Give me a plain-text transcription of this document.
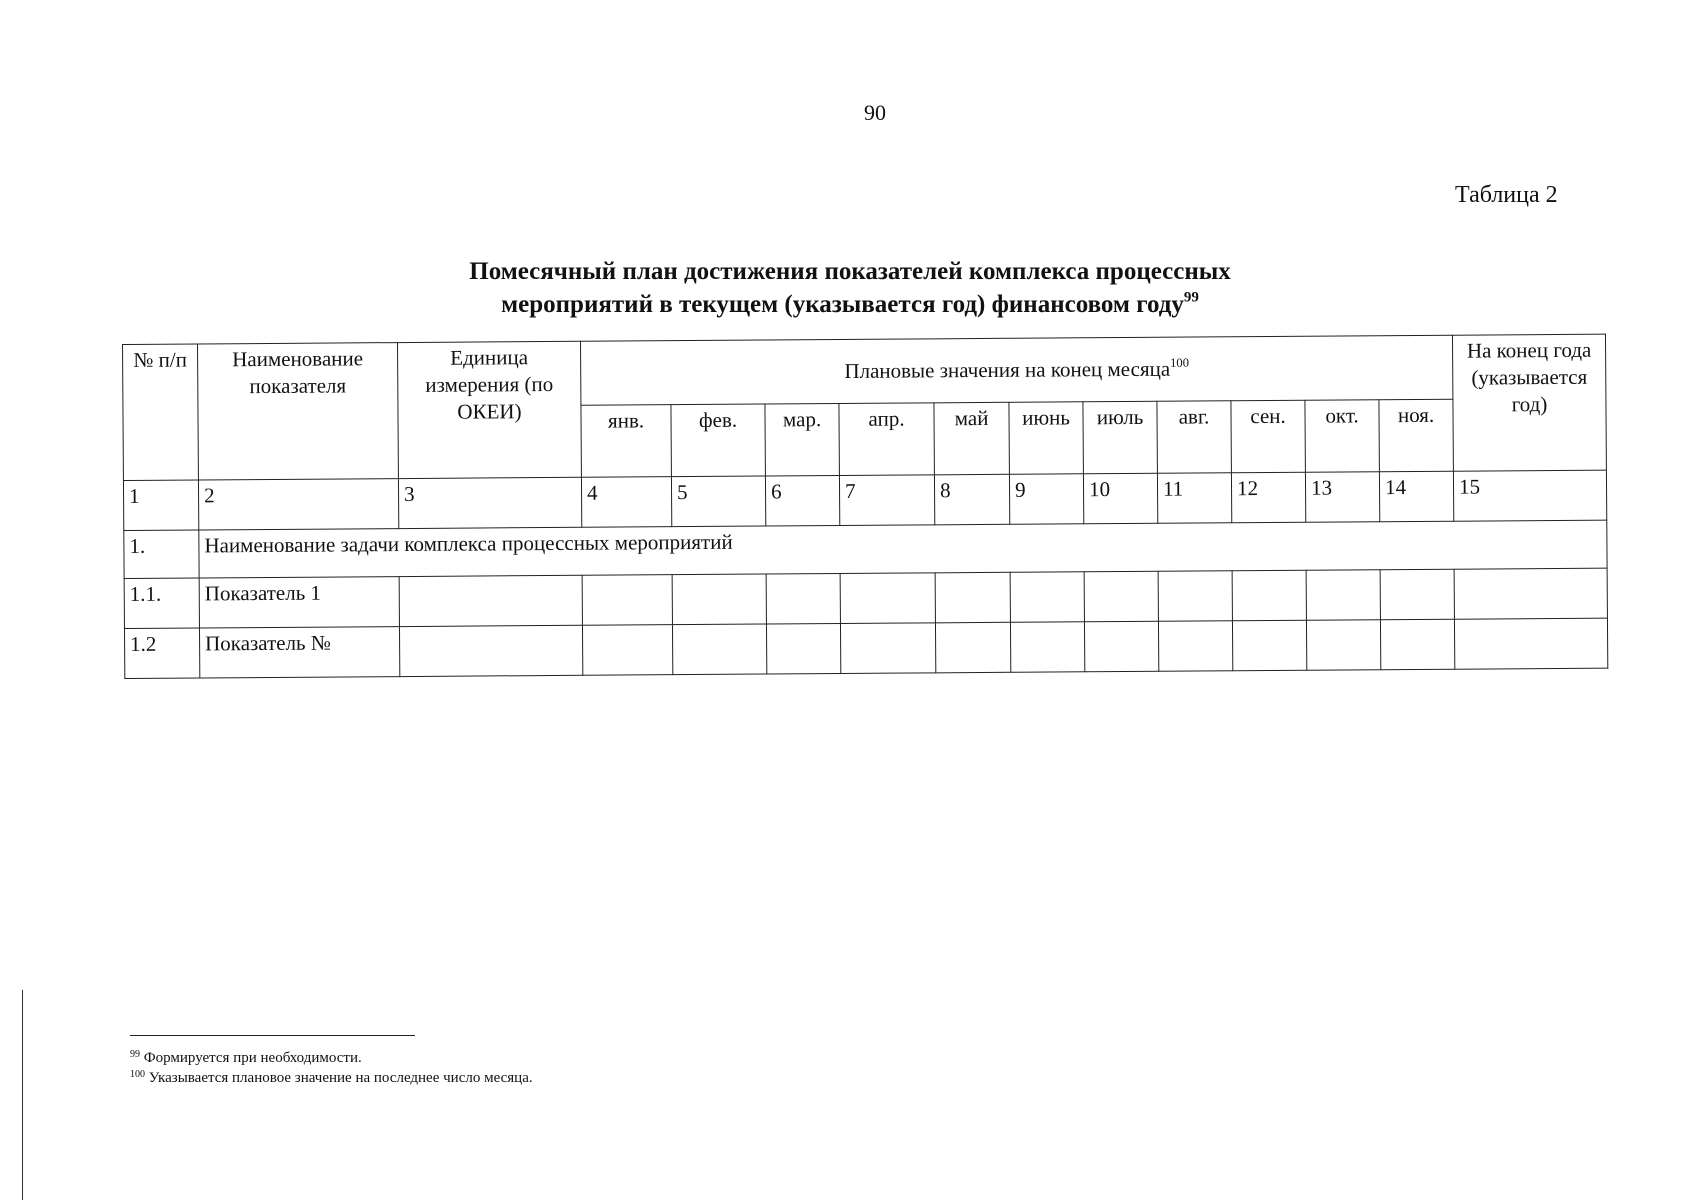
90
Таблица 2
Помесячный план достижения показателей комплекса процессных
мероприятий в текущем (указывается год) финансовом году$^{99}$
№ п/п	Наименование показателя	Единица измерения (по ОКЕИ)	Плановые значения на конец месяца$^{100}$											На конец года (указывается год)
			янв.	фев.	мар.	апр.	май	июнь	июль	авг.	сен.	окт.	ноя.	
1	2	3	4	5	6	7	8	9	10	11	12	13	14	15
1.	Наименование задачи комплекса процессных мероприятий													
1.1.	Показатель 1													
1.2	Показатель №													
$^{99}$ Формируется при необходимости.
$^{100}$ Указывается плановое значение на последнее число месяца.
